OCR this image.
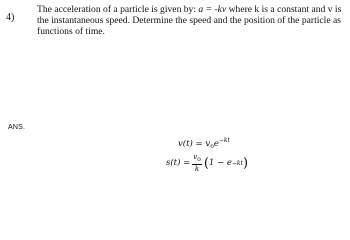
4)
The acceleration of a particle is given by: a = -kv where k is a constant and v is the instantaneous speed. Determine the speed and the position of the particle as functions of time.
ANS.
$v(t) = v_oe^{-kt}$
$s(t) = \frac{v_o}{k}$ ( 1 − e −kt )
